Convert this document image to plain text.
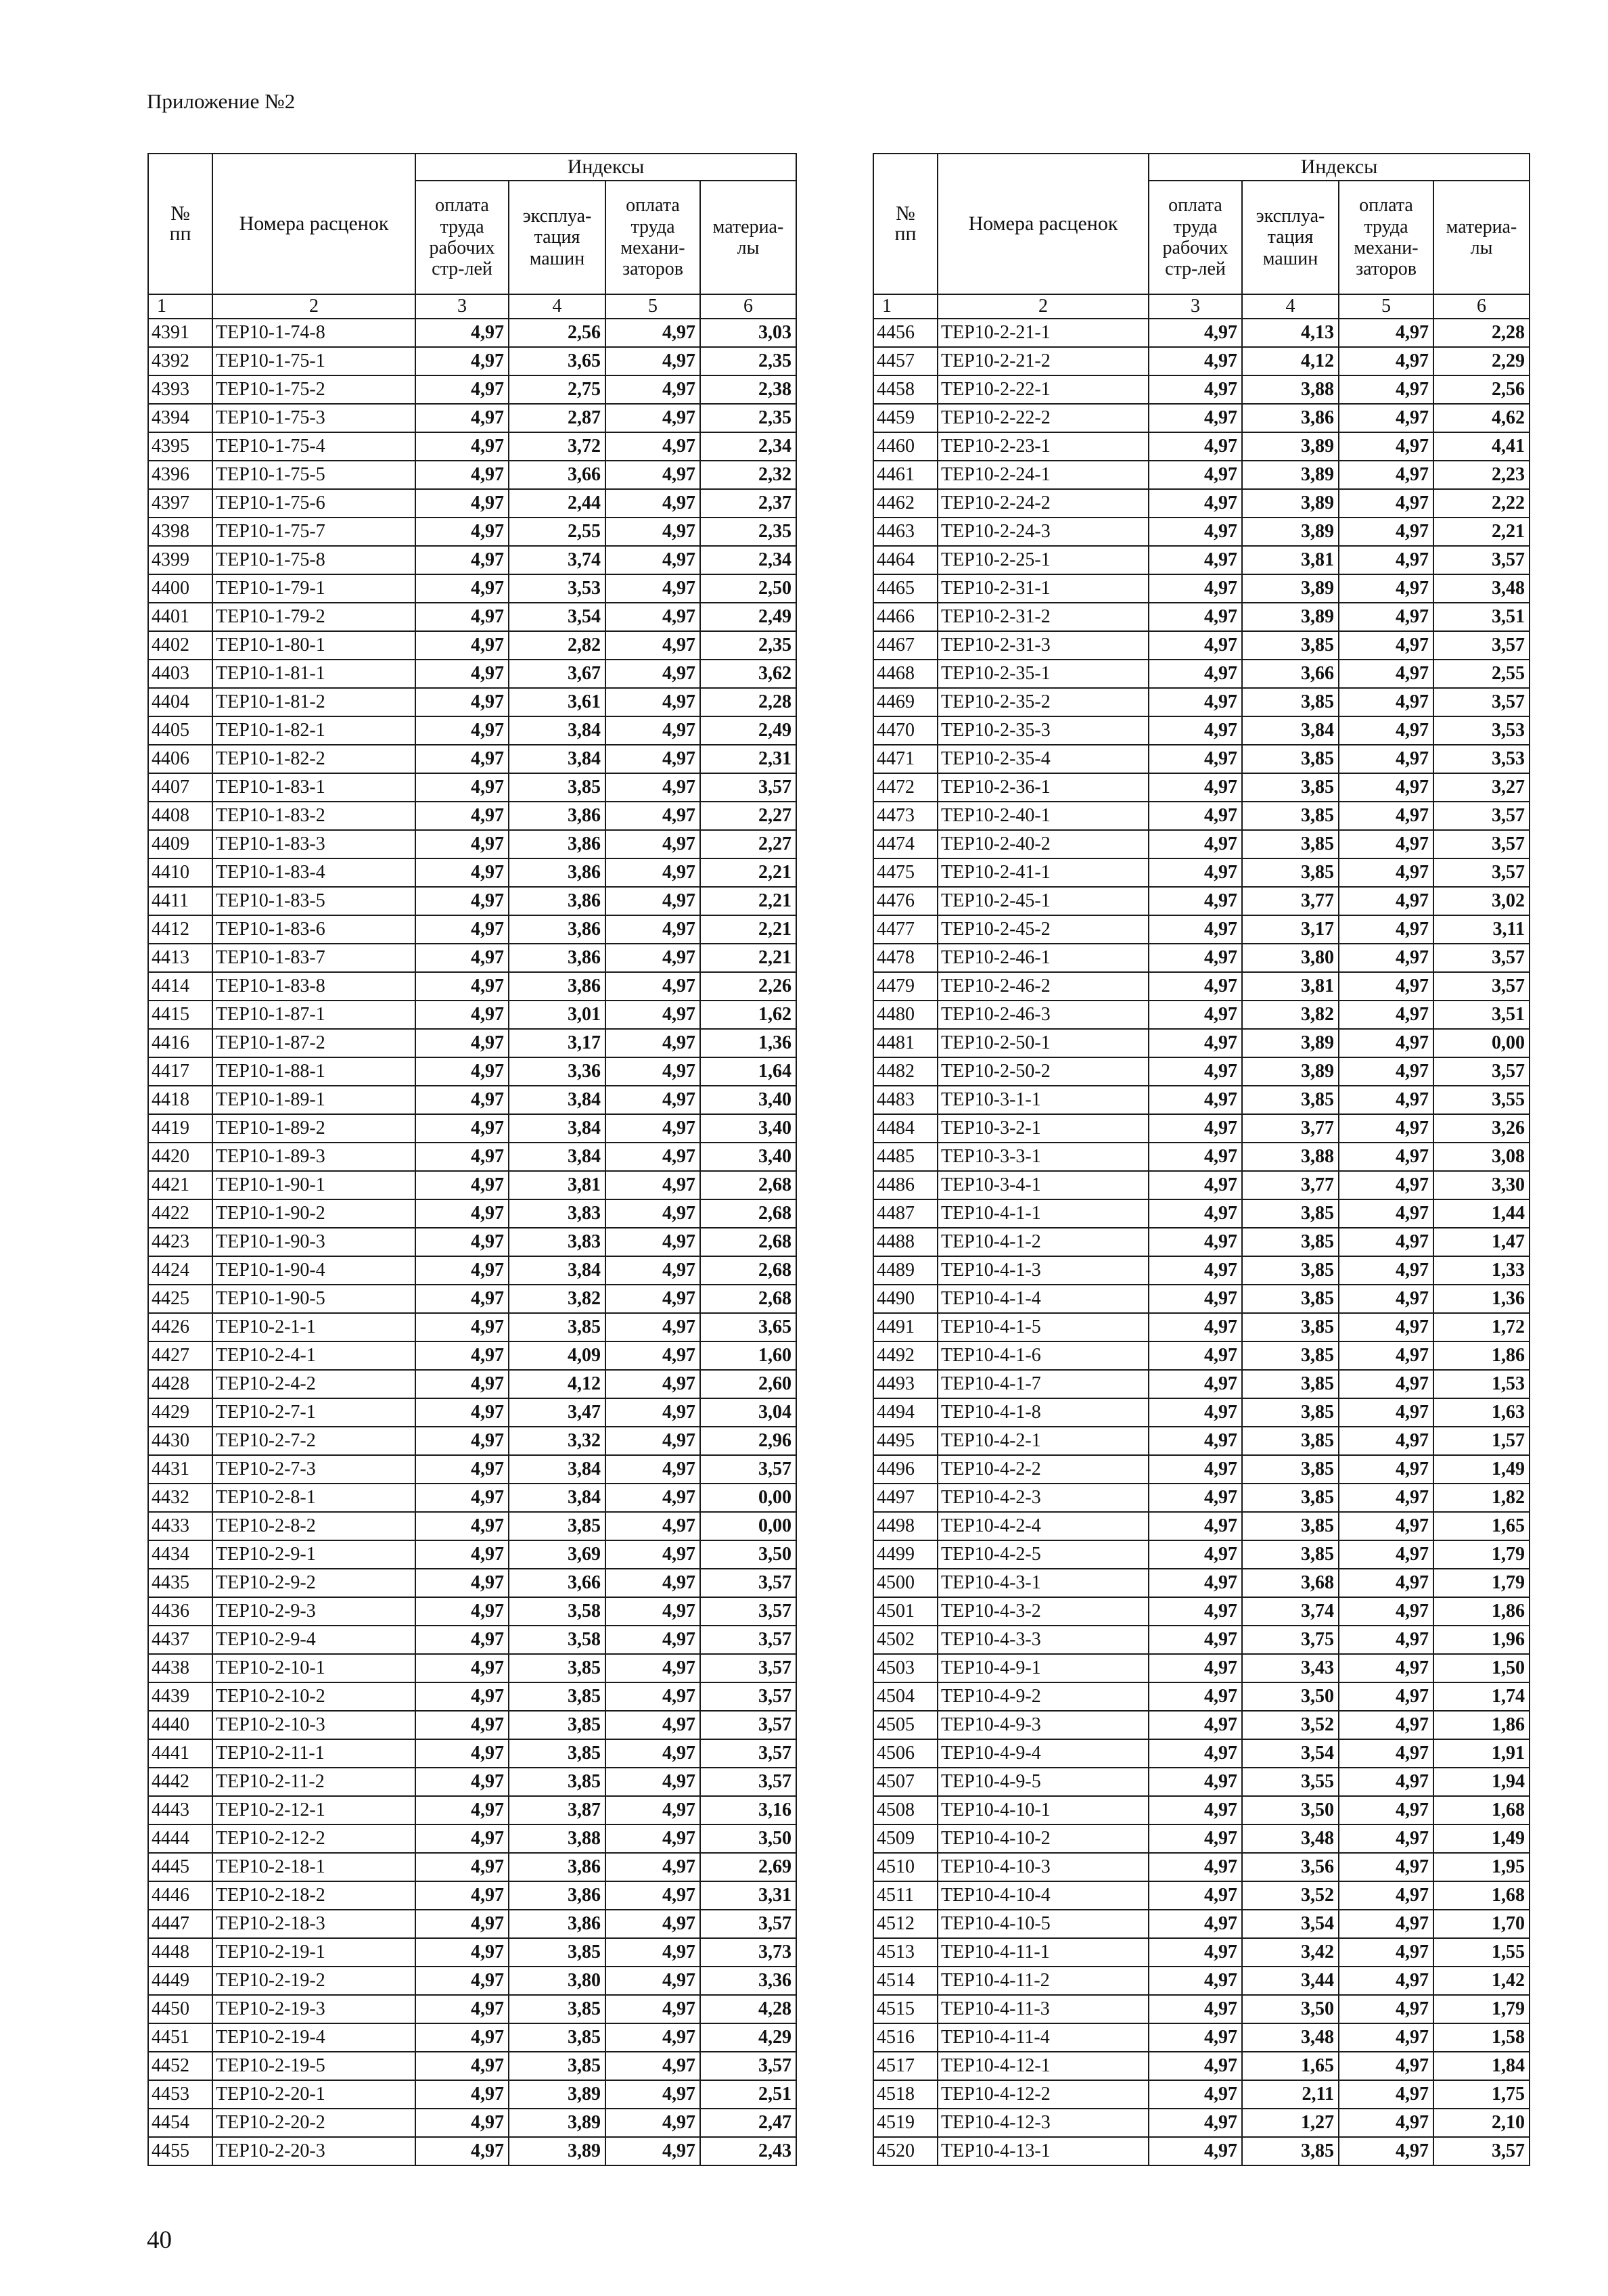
Приложение №2
№
пп	Номера расценок	Индексы			
		оплата
труда
рабочих
стр-лей	эксплуа-
тация
машин	оплата
труда
механи-
заторов	материа-
лы
1	2	3	4	5	6
4391	ТЕР10-1-74-8	4,97	2,56	4,97	3,03
4392	ТЕР10-1-75-1	4,97	3,65	4,97	2,35
4393	ТЕР10-1-75-2	4,97	2,75	4,97	2,38
4394	ТЕР10-1-75-3	4,97	2,87	4,97	2,35
4395	ТЕР10-1-75-4	4,97	3,72	4,97	2,34
4396	ТЕР10-1-75-5	4,97	3,66	4,97	2,32
4397	ТЕР10-1-75-6	4,97	2,44	4,97	2,37
4398	ТЕР10-1-75-7	4,97	2,55	4,97	2,35
4399	ТЕР10-1-75-8	4,97	3,74	4,97	2,34
4400	ТЕР10-1-79-1	4,97	3,53	4,97	2,50
4401	ТЕР10-1-79-2	4,97	3,54	4,97	2,49
4402	ТЕР10-1-80-1	4,97	2,82	4,97	2,35
4403	ТЕР10-1-81-1	4,97	3,67	4,97	3,62
4404	ТЕР10-1-81-2	4,97	3,61	4,97	2,28
4405	ТЕР10-1-82-1	4,97	3,84	4,97	2,49
4406	ТЕР10-1-82-2	4,97	3,84	4,97	2,31
4407	ТЕР10-1-83-1	4,97	3,85	4,97	3,57
4408	ТЕР10-1-83-2	4,97	3,86	4,97	2,27
4409	ТЕР10-1-83-3	4,97	3,86	4,97	2,27
4410	ТЕР10-1-83-4	4,97	3,86	4,97	2,21
4411	ТЕР10-1-83-5	4,97	3,86	4,97	2,21
4412	ТЕР10-1-83-6	4,97	3,86	4,97	2,21
4413	ТЕР10-1-83-7	4,97	3,86	4,97	2,21
4414	ТЕР10-1-83-8	4,97	3,86	4,97	2,26
4415	ТЕР10-1-87-1	4,97	3,01	4,97	1,62
4416	ТЕР10-1-87-2	4,97	3,17	4,97	1,36
4417	ТЕР10-1-88-1	4,97	3,36	4,97	1,64
4418	ТЕР10-1-89-1	4,97	3,84	4,97	3,40
4419	ТЕР10-1-89-2	4,97	3,84	4,97	3,40
4420	ТЕР10-1-89-3	4,97	3,84	4,97	3,40
4421	ТЕР10-1-90-1	4,97	3,81	4,97	2,68
4422	ТЕР10-1-90-2	4,97	3,83	4,97	2,68
4423	ТЕР10-1-90-3	4,97	3,83	4,97	2,68
4424	ТЕР10-1-90-4	4,97	3,84	4,97	2,68
4425	ТЕР10-1-90-5	4,97	3,82	4,97	2,68
4426	ТЕР10-2-1-1	4,97	3,85	4,97	3,65
4427	ТЕР10-2-4-1	4,97	4,09	4,97	1,60
4428	ТЕР10-2-4-2	4,97	4,12	4,97	2,60
4429	ТЕР10-2-7-1	4,97	3,47	4,97	3,04
4430	ТЕР10-2-7-2	4,97	3,32	4,97	2,96
4431	ТЕР10-2-7-3	4,97	3,84	4,97	3,57
4432	ТЕР10-2-8-1	4,97	3,84	4,97	0,00
4433	ТЕР10-2-8-2	4,97	3,85	4,97	0,00
4434	ТЕР10-2-9-1	4,97	3,69	4,97	3,50
4435	ТЕР10-2-9-2	4,97	3,66	4,97	3,57
4436	ТЕР10-2-9-3	4,97	3,58	4,97	3,57
4437	ТЕР10-2-9-4	4,97	3,58	4,97	3,57
4438	ТЕР10-2-10-1	4,97	3,85	4,97	3,57
4439	ТЕР10-2-10-2	4,97	3,85	4,97	3,57
4440	ТЕР10-2-10-3	4,97	3,85	4,97	3,57
4441	ТЕР10-2-11-1	4,97	3,85	4,97	3,57
4442	ТЕР10-2-11-2	4,97	3,85	4,97	3,57
4443	ТЕР10-2-12-1	4,97	3,87	4,97	3,16
4444	ТЕР10-2-12-2	4,97	3,88	4,97	3,50
4445	ТЕР10-2-18-1	4,97	3,86	4,97	2,69
4446	ТЕР10-2-18-2	4,97	3,86	4,97	3,31
4447	ТЕР10-2-18-3	4,97	3,86	4,97	3,57
4448	ТЕР10-2-19-1	4,97	3,85	4,97	3,73
4449	ТЕР10-2-19-2	4,97	3,80	4,97	3,36
4450	ТЕР10-2-19-3	4,97	3,85	4,97	4,28
4451	ТЕР10-2-19-4	4,97	3,85	4,97	4,29
4452	ТЕР10-2-19-5	4,97	3,85	4,97	3,57
4453	ТЕР10-2-20-1	4,97	3,89	4,97	2,51
4454	ТЕР10-2-20-2	4,97	3,89	4,97	2,47
4455	ТЕР10-2-20-3	4,97	3,89	4,97	2,43
№
пп	Номера расценок	Индексы			
		оплата
труда
рабочих
стр-лей	эксплуа-
тация
машин	оплата
труда
механи-
заторов	материа-
лы
1	2	3	4	5	6
4456	ТЕР10-2-21-1	4,97	4,13	4,97	2,28
4457	ТЕР10-2-21-2	4,97	4,12	4,97	2,29
4458	ТЕР10-2-22-1	4,97	3,88	4,97	2,56
4459	ТЕР10-2-22-2	4,97	3,86	4,97	4,62
4460	ТЕР10-2-23-1	4,97	3,89	4,97	4,41
4461	ТЕР10-2-24-1	4,97	3,89	4,97	2,23
4462	ТЕР10-2-24-2	4,97	3,89	4,97	2,22
4463	ТЕР10-2-24-3	4,97	3,89	4,97	2,21
4464	ТЕР10-2-25-1	4,97	3,81	4,97	3,57
4465	ТЕР10-2-31-1	4,97	3,89	4,97	3,48
4466	ТЕР10-2-31-2	4,97	3,89	4,97	3,51
4467	ТЕР10-2-31-3	4,97	3,85	4,97	3,57
4468	ТЕР10-2-35-1	4,97	3,66	4,97	2,55
4469	ТЕР10-2-35-2	4,97	3,85	4,97	3,57
4470	ТЕР10-2-35-3	4,97	3,84	4,97	3,53
4471	ТЕР10-2-35-4	4,97	3,85	4,97	3,53
4472	ТЕР10-2-36-1	4,97	3,85	4,97	3,27
4473	ТЕР10-2-40-1	4,97	3,85	4,97	3,57
4474	ТЕР10-2-40-2	4,97	3,85	4,97	3,57
4475	ТЕР10-2-41-1	4,97	3,85	4,97	3,57
4476	ТЕР10-2-45-1	4,97	3,77	4,97	3,02
4477	ТЕР10-2-45-2	4,97	3,17	4,97	3,11
4478	ТЕР10-2-46-1	4,97	3,80	4,97	3,57
4479	ТЕР10-2-46-2	4,97	3,81	4,97	3,57
4480	ТЕР10-2-46-3	4,97	3,82	4,97	3,51
4481	ТЕР10-2-50-1	4,97	3,89	4,97	0,00
4482	ТЕР10-2-50-2	4,97	3,89	4,97	3,57
4483	ТЕР10-3-1-1	4,97	3,85	4,97	3,55
4484	ТЕР10-3-2-1	4,97	3,77	4,97	3,26
4485	ТЕР10-3-3-1	4,97	3,88	4,97	3,08
4486	ТЕР10-3-4-1	4,97	3,77	4,97	3,30
4487	ТЕР10-4-1-1	4,97	3,85	4,97	1,44
4488	ТЕР10-4-1-2	4,97	3,85	4,97	1,47
4489	ТЕР10-4-1-3	4,97	3,85	4,97	1,33
4490	ТЕР10-4-1-4	4,97	3,85	4,97	1,36
4491	ТЕР10-4-1-5	4,97	3,85	4,97	1,72
4492	ТЕР10-4-1-6	4,97	3,85	4,97	1,86
4493	ТЕР10-4-1-7	4,97	3,85	4,97	1,53
4494	ТЕР10-4-1-8	4,97	3,85	4,97	1,63
4495	ТЕР10-4-2-1	4,97	3,85	4,97	1,57
4496	ТЕР10-4-2-2	4,97	3,85	4,97	1,49
4497	ТЕР10-4-2-3	4,97	3,85	4,97	1,82
4498	ТЕР10-4-2-4	4,97	3,85	4,97	1,65
4499	ТЕР10-4-2-5	4,97	3,85	4,97	1,79
4500	ТЕР10-4-3-1	4,97	3,68	4,97	1,79
4501	ТЕР10-4-3-2	4,97	3,74	4,97	1,86
4502	ТЕР10-4-3-3	4,97	3,75	4,97	1,96
4503	ТЕР10-4-9-1	4,97	3,43	4,97	1,50
4504	ТЕР10-4-9-2	4,97	3,50	4,97	1,74
4505	ТЕР10-4-9-3	4,97	3,52	4,97	1,86
4506	ТЕР10-4-9-4	4,97	3,54	4,97	1,91
4507	ТЕР10-4-9-5	4,97	3,55	4,97	1,94
4508	ТЕР10-4-10-1	4,97	3,50	4,97	1,68
4509	ТЕР10-4-10-2	4,97	3,48	4,97	1,49
4510	ТЕР10-4-10-3	4,97	3,56	4,97	1,95
4511	ТЕР10-4-10-4	4,97	3,52	4,97	1,68
4512	ТЕР10-4-10-5	4,97	3,54	4,97	1,70
4513	ТЕР10-4-11-1	4,97	3,42	4,97	1,55
4514	ТЕР10-4-11-2	4,97	3,44	4,97	1,42
4515	ТЕР10-4-11-3	4,97	3,50	4,97	1,79
4516	ТЕР10-4-11-4	4,97	3,48	4,97	1,58
4517	ТЕР10-4-12-1	4,97	1,65	4,97	1,84
4518	ТЕР10-4-12-2	4,97	2,11	4,97	1,75
4519	ТЕР10-4-12-3	4,97	1,27	4,97	2,10
4520	ТЕР10-4-13-1	4,97	3,85	4,97	3,57
40
